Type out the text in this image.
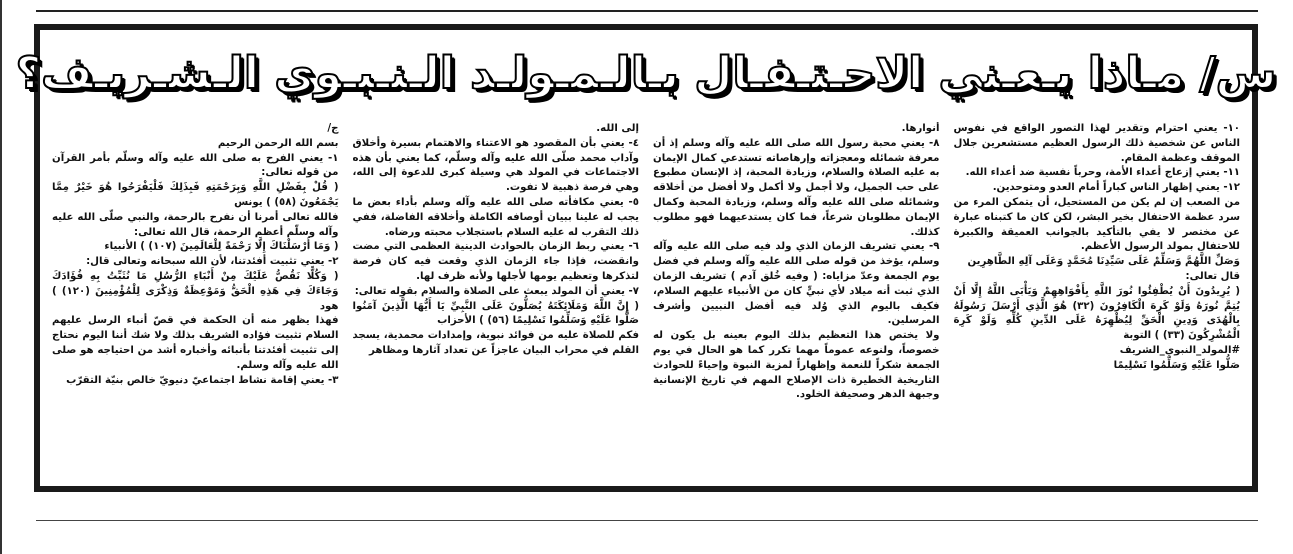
س/ مـاذا يـعـني الاحـتـفـال بـالـمـولـد الـنـبـوي الـشـريـف؟

ج/

بسم الله الرحمن الرحيم

١- يعني الفرح به صلى الله عليه وآله وسلّم بأمر القرآن من قوله تعالى:

( قُلْ بِفَضْلِ اللَّهِ وَبِرَحْمَتِهِ فَبِذَلِكَ فَلْيَفْرَحُوا هُوَ خَيْرٌ مِمَّا يَجْمَعُونَ (٥٨) ) يونس

فالله تعالى أمرنا أن نفرح بالرحمة، والنبي صلّى الله عليه وآله وسلّم أعظم الرحمة، قال الله تعالى:

( وَمَا أَرْسَلْنَاكَ إِلَّا رَحْمَةً لِلْعَالَمِينَ (١٠٧) ) الأنبياء

٢- يعني تثبيت أفئدتنا، لأن الله سبحانه وتعالى قال:

( وَكُلًّا نَقُصُّ عَلَيْكَ مِنْ أَنْبَاءِ الرُّسُلِ مَا نُثَبِّتُ بِهِ فُؤَادَكَ وَجَاءَكَ فِي هَذِهِ الْحَقُّ وَمَوْعِظَةٌ وَذِكْرَى لِلْمُؤْمِنِينَ (١٢٠) ) هود

فهذا يظهر منه أن الحكمة في قصّ أنباء الرسل عليهم السلام تثبيت فؤاده الشريف بذلك ولا شك أننا اليوم نحتاج إلى تثبيت أفئدتنا بأنبائه وأخباره أشد من احتياجه هو صلى الله عليه وآله وسلم.

٣- يعني إقامة نشاط اجتماعيّ دنيويّ خالص بنيّة التقرّب

إلى الله.

٤- يعني بأن المقصود هو الاعتناء والاهتمام بسيرة وأخلاق وآداب محمد صلّى الله عليه وآله وسلّم، كما يعني بأن هذه الاجتماعات في المولد هي وسيلة كبرى للدعوة إلى الله، وهي فرصة ذهبية لا تفوت.

٥- يعني مكافأته صلى الله عليه وآله وسلم بأداء بعض ما يجب له علينا ببيان أوصافه الكاملة وأخلاقه الفاضلة، ففي ذلك التقرب له عليه السلام باستجلاب محبته ورضاه.

٦- يعني ربط الزمان بالحوادث الدينية العظمى التي مضت وانقضت، فإذا جاء الزمان الذي وقعت فيه كان فرصة لتذكرها وتعظيم يومها لأجلها ولأنه ظرف لها.

٧- يعني أن المولد يبعث على الصلاة والسلام بقوله تعالى:

( إِنَّ اللَّهَ وَمَلَائِكَتَهُ يُصَلُّونَ عَلَى النَّبِيِّ يَا أَيُّهَا الَّذِينَ آمَنُوا صَلُّوا عَلَيْهِ وَسَلِّمُوا تَسْلِيمًا (٥٦) ) الأحزاب

فكم للصلاة عليه من فوائد نبوية، وإمدادات محمدية، يسجد القلم في محراب البيان عاجزاً عن تعداد آثارها ومظاهر

أنوارها.

٨- يعني محبة رسول الله صلى الله عليه وآله وسلم إذ أن معرفة شمائله ومعجزاته وإرهاصاته تستدعي كمال الإيمان به عليه الصلاة والسلام، وزيادة المحبة، إذ الإنسان مطبوع على حب الجميل، ولا أجمل ولا أكمل ولا أفضل من أخلاقه وشمائله صلى الله عليه وآله وسلم، وزيادة المحبة وكمال الإيمان مطلوبان شرعاً، فما كان يستدعيهما فهو مطلوب كذلك.

٩- يعني تشريف الزمان الذي ولد فيه صلى الله عليه وآله وسلم، يؤخذ من قوله صلى الله عليه وآله وسلم في فضل يوم الجمعة وعدّ مزاياه: ( وفيه خُلق آدم ) تشريف الزمان الذي ثبت أنه ميلاد لأي نبيٍّ كان من الأنبياء عليهم السلام، فكيف باليوم الذي وُلد فيه أفضل النبيين وأشرف المرسلين.

ولا يختص هذا التعظيم بذلك اليوم بعينه بل يكون له خصوصاً، ولنوعه عموماً مهما تكرر كما هو الحال في يوم الجمعة شكراً للنعمة وإظهاراً لمزية النبوة وإحياءً للحوادث التاريخية الخطيرة ذات الإصلاح المهم في تاريخ الإنسانية وجبهة الدهر وصحيفة الخلود.

١٠- يعني احترام وتقدير لهذا التصور الواقع في نفوس الناس عن شخصية ذلك الرسول العظيم مستشعرين جلال الموقف وعظمة المقام.

١١- يعني إزعاج أعداء الأمة، وحرباً نفسية ضد أعداء الله.

١٢- يعني إظهار الناس كباراً أمام العدو ومتوحدين.

من الصعب إن لم يكن من المستحيل، أن يتمكن المرء من سرد عظمة الاحتفال بخير البشر، لكن كان ما كتبناه عبارة عن مختصر لا يفي بالتأكيد بالجوانب العميقة والكبيرة للاحتفال بمولد الرسول الأعظم.

وَصَلِّ اللَّهُمَّ وَسَلِّمْ عَلَى سَيِّدِنَا مُحَمَّدٍ وَعَلَى آلِهِ الطَّاهِرِين

قال تعالى:

( يُرِيدُونَ أَنْ يُطْفِئُوا نُورَ اللَّهِ بِأَفْوَاهِهِمْ وَيَأْبَى اللَّهُ إِلَّا أَنْ يُتِمَّ نُورَهُ وَلَوْ كَرِهَ الْكَافِرُونَ (٣٢) هُوَ الَّذِي أَرْسَلَ رَسُولَهُ بِالْهُدَى وَدِينِ الْحَقِّ لِيُظْهِرَهُ عَلَى الدِّينِ كُلِّهِ وَلَوْ كَرِهَ الْمُشْرِكُونَ (٣٣) ) التوبة

#المولد_النبوي_الشريف

صَلُّوا عَلَيْهِ وَسَلِّمُوا تَسْلِيمًا
